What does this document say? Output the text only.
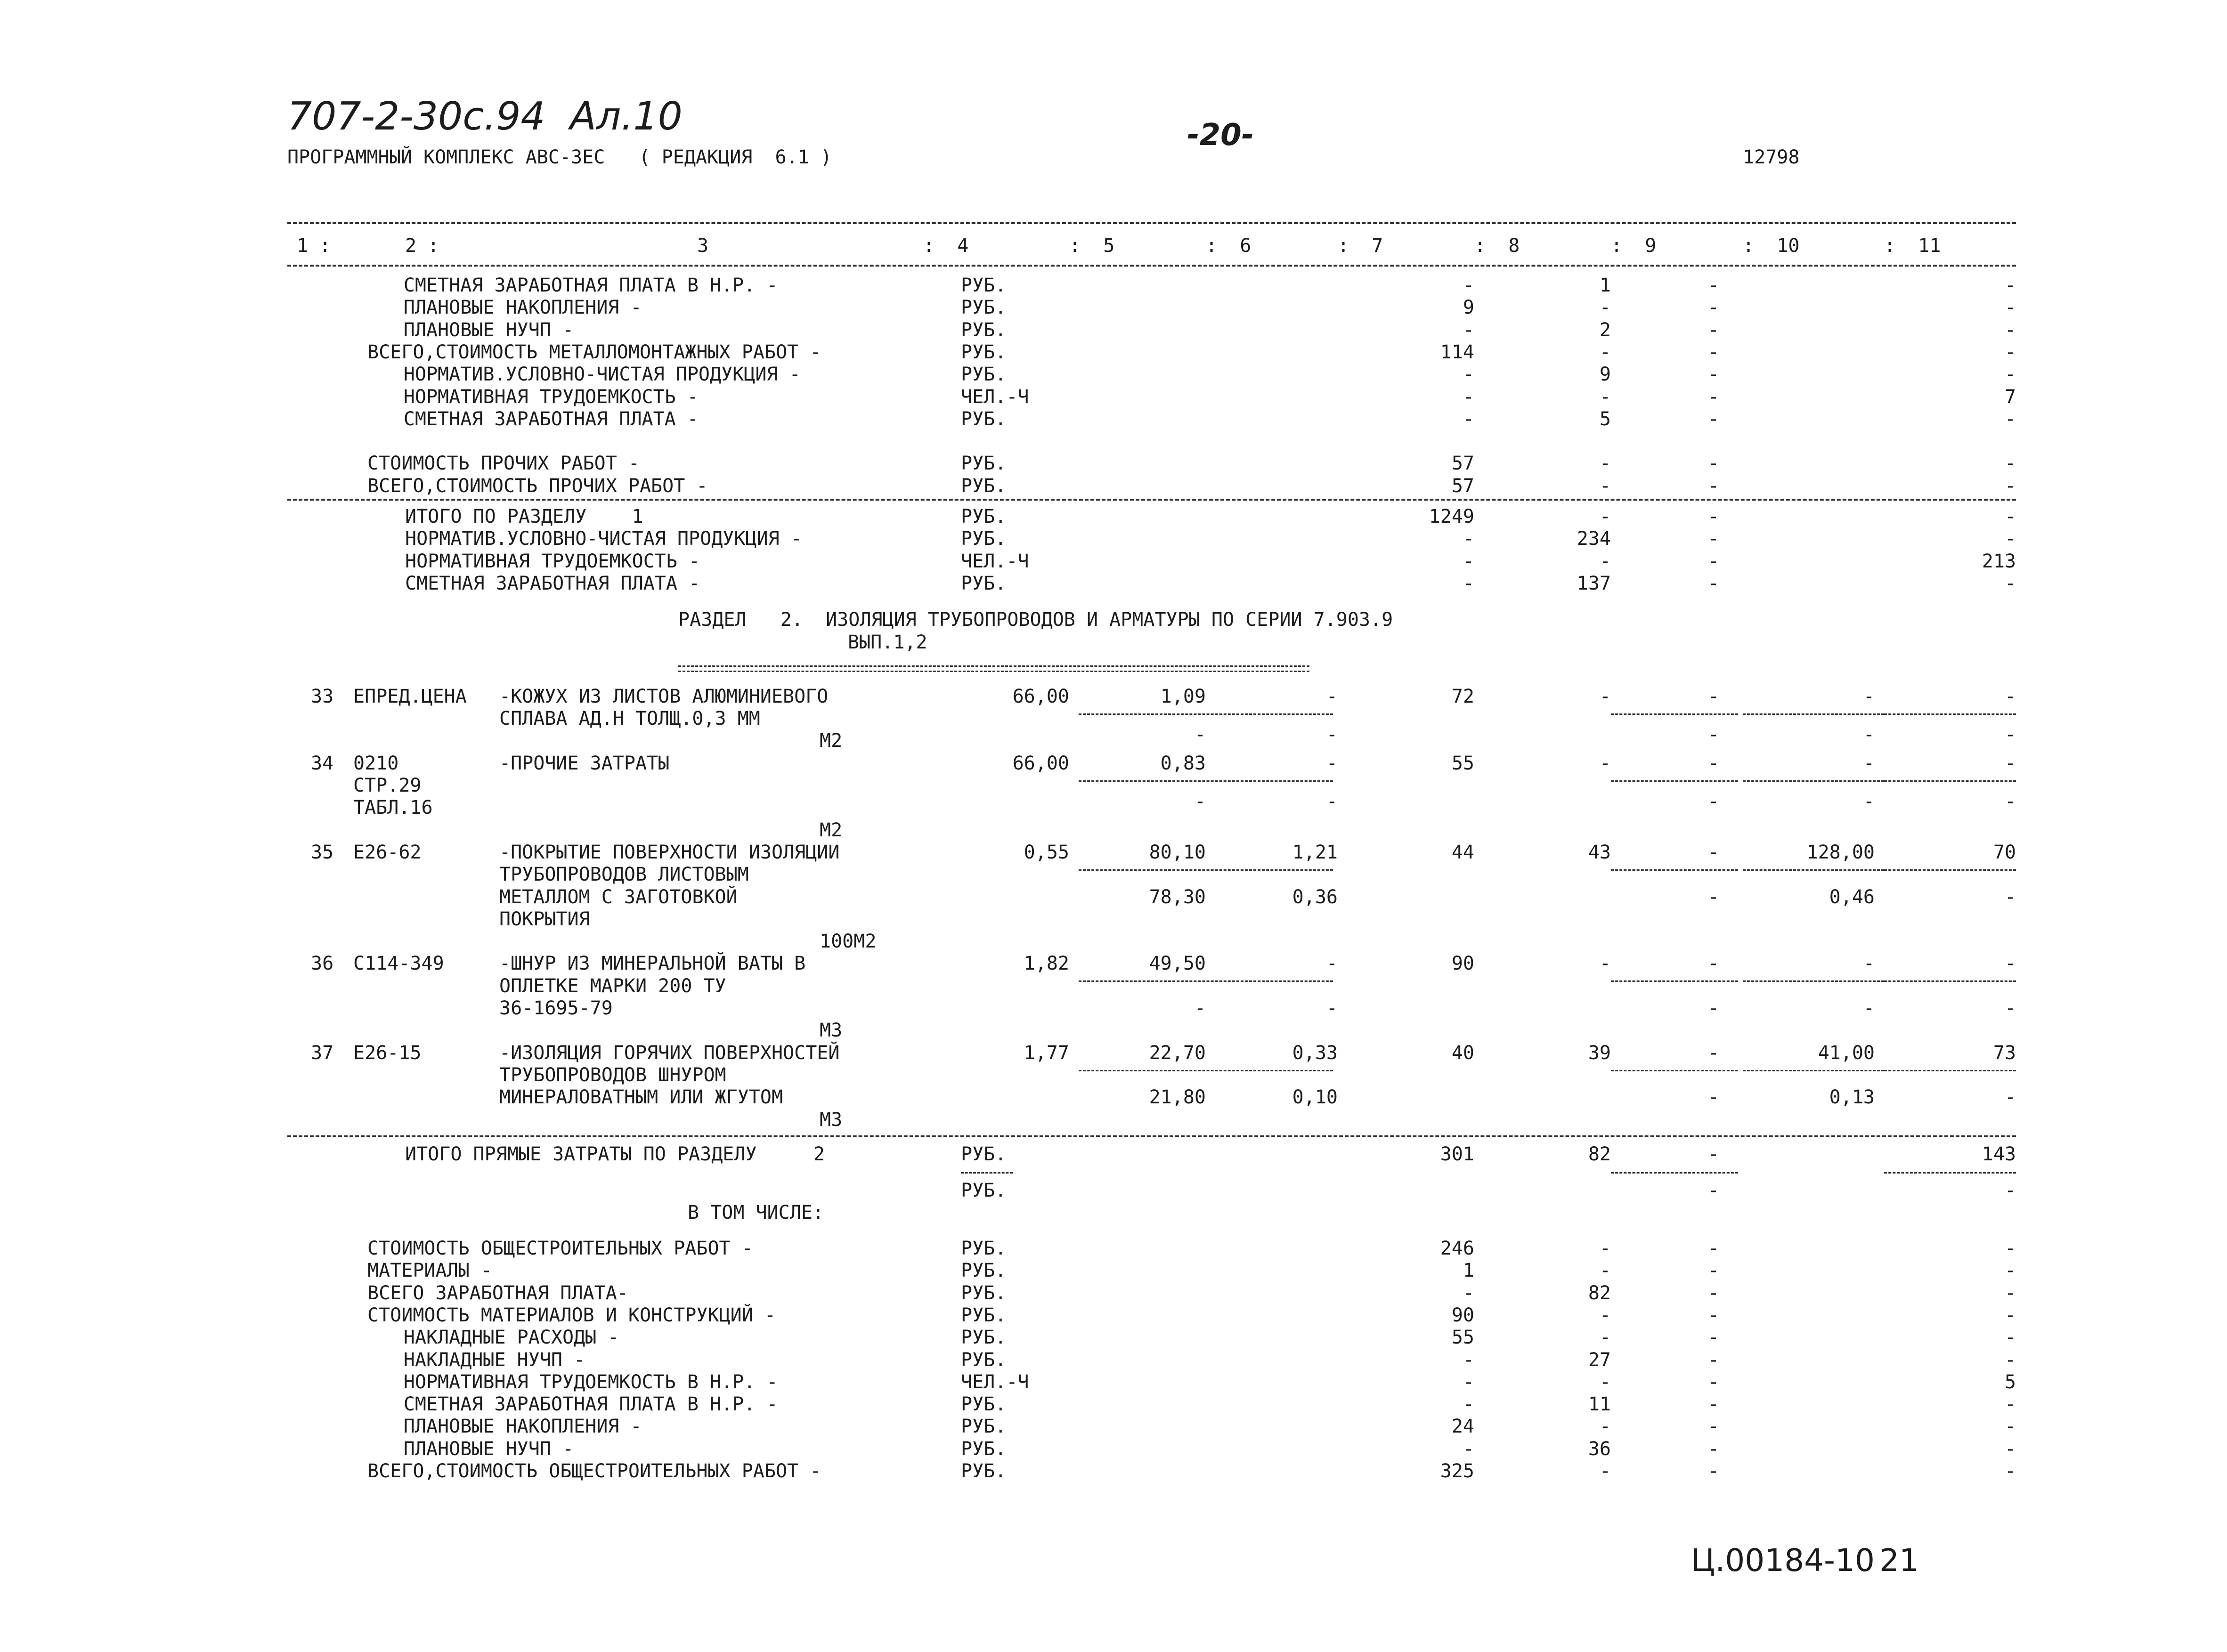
707-2-30с.94  Ал.10
ПРОГРАММНЫЙ КОМПЛЕКС АВС-3ЕС   ( РЕДАКЦИЯ  6.1 )
-20-
12798
1 :	2 :	3	:  4	:  5	:  6	:  7	:  8	:  9	:  10	:  11
СМЕТНАЯ ЗАРАБОТНАЯ ПЛАТА В Н.Р. -	РУБ.	-	1	-	-
ПЛАНОВЫЕ НАКОПЛЕНИЯ -	РУБ.	9	-	-	-
ПЛАНОВЫЕ НУЧП -	РУБ.	-	2	-	-
ВСЕГО,СТОИМОСТЬ МЕТАЛЛОМОНТАЖНЫХ РАБОТ -	РУБ.	114	-	-	-
НОРМАТИВ.УСЛОВНО-ЧИСТАЯ ПРОДУКЦИЯ -	РУБ.	-	9	-	-
НОРМАТИВНАЯ ТРУДОЕМКОСТЬ -	ЧЕЛ.-Ч	-	-	-	7
СМЕТНАЯ ЗАРАБОТНАЯ ПЛАТА -	РУБ.	-	5	-	-
СТОИМОСТЬ ПРОЧИХ РАБОТ -	РУБ.	57	-	-	-
ВСЕГО,СТОИМОСТЬ ПРОЧИХ РАБОТ -	РУБ.	57	-	-	-
ИТОГО ПО РАЗДЕЛУ    1	РУБ.	1249	-	-	-
НОРМАТИВ.УСЛОВНО-ЧИСТАЯ ПРОДУКЦИЯ -	РУБ.	-	234	-	-
НОРМАТИВНАЯ ТРУДОЕМКОСТЬ -	ЧЕЛ.-Ч	-	-	-	213
СМЕТНАЯ ЗАРАБОТНАЯ ПЛАТА -	РУБ.	-	137	-	-
РАЗДЕЛ   2.  ИЗОЛЯЦИЯ ТРУБОПРОВОДОВ И АРМАТУРЫ ПО СЕРИИ 7.903.9
ВЫП.1,2
33 ЕПРЕД.ЦЕНА -КОЖУХ ИЗ ЛИСТОВ АЛЮМИНИЕВОГО
СПЛАВА АД.Н ТОЛЩ.0,3 ММ
66,00	1,09	-	72	-	-	-	-
-	-	-	-	-
М2
34 0210
СТР.29
ТАБЛ.16
-ПРОЧИЕ ЗАТРАТЫ	66,00	0,83	-	55	-	-	-	-
-	-	-	-	-
М2
35 Е26-62	-ПОКРЫТИЕ ПОВЕРХНОСТИ ИЗОЛЯЦИИ
ТРУБОПРОВОДОВ ЛИСТОВЫМ
МЕТАЛЛОМ С ЗАГОТОВКОЙ
ПОКРЫТИЯ
0,55	80,10	1,21	44	43	-	128,00	70
78,30	0,36	-	0,46	-
100М2
36 С114-349	-ШНУР ИЗ МИНЕРАЛЬНОЙ ВАТЫ В
ОПЛЕТКЕ МАРКИ 200 ТУ
36-1695-79
1,82	49,50	-	90	-	-	-	-
-	-	-	-	-
М3
37 Е26-15	-ИЗОЛЯЦИЯ ГОРЯЧИХ ПОВЕРХНОСТЕЙ
ТРУБОПРОВОДОВ ШНУРОМ
МИНЕРАЛОВАТНЫМ ИЛИ ЖГУТОМ
1,77	22,70	0,33	40	39	-	41,00	73
21,80	0,10	-	0,13	-
М3
ИТОГО ПРЯМЫЕ ЗАТРАТЫ ПО РАЗДЕЛУ     2	РУБ.	301	82	-	143
РУБ.	-	-
В ТОМ ЧИСЛЕ:
СТОИМОСТЬ ОБЩЕСТРОИТЕЛЬНЫХ РАБОТ -	РУБ.	246	-	-	-
МАТЕРИАЛЫ -	РУБ.	1	-	-	-
ВСЕГО ЗАРАБОТНАЯ ПЛАТА-	РУБ.	-	82	-	-
СТОИМОСТЬ МАТЕРИАЛОВ И КОНСТРУКЦИЙ -	РУБ.	90	-	-	-
НАКЛАДНЫЕ РАСХОДЫ -	РУБ.	55	-	-	-
НАКЛАДНЫЕ НУЧП -	РУБ.	-	27	-	-
НОРМАТИВНАЯ ТРУДОЕМКОСТЬ В Н.Р. -	ЧЕЛ.-Ч	-	-	-	5
СМЕТНАЯ ЗАРАБОТНАЯ ПЛАТА В Н.Р. -	РУБ.	-	11	-	-
ПЛАНОВЫЕ НАКОПЛЕНИЯ -	РУБ.	24	-	-	-
ПЛАНОВЫЕ НУЧП -	РУБ.	-	36	-	-
ВСЕГО,СТОИМОСТЬ ОБЩЕСТРОИТЕЛЬНЫХ РАБОТ -	РУБ.	325	-	-	-
Ц.00184-10 21
